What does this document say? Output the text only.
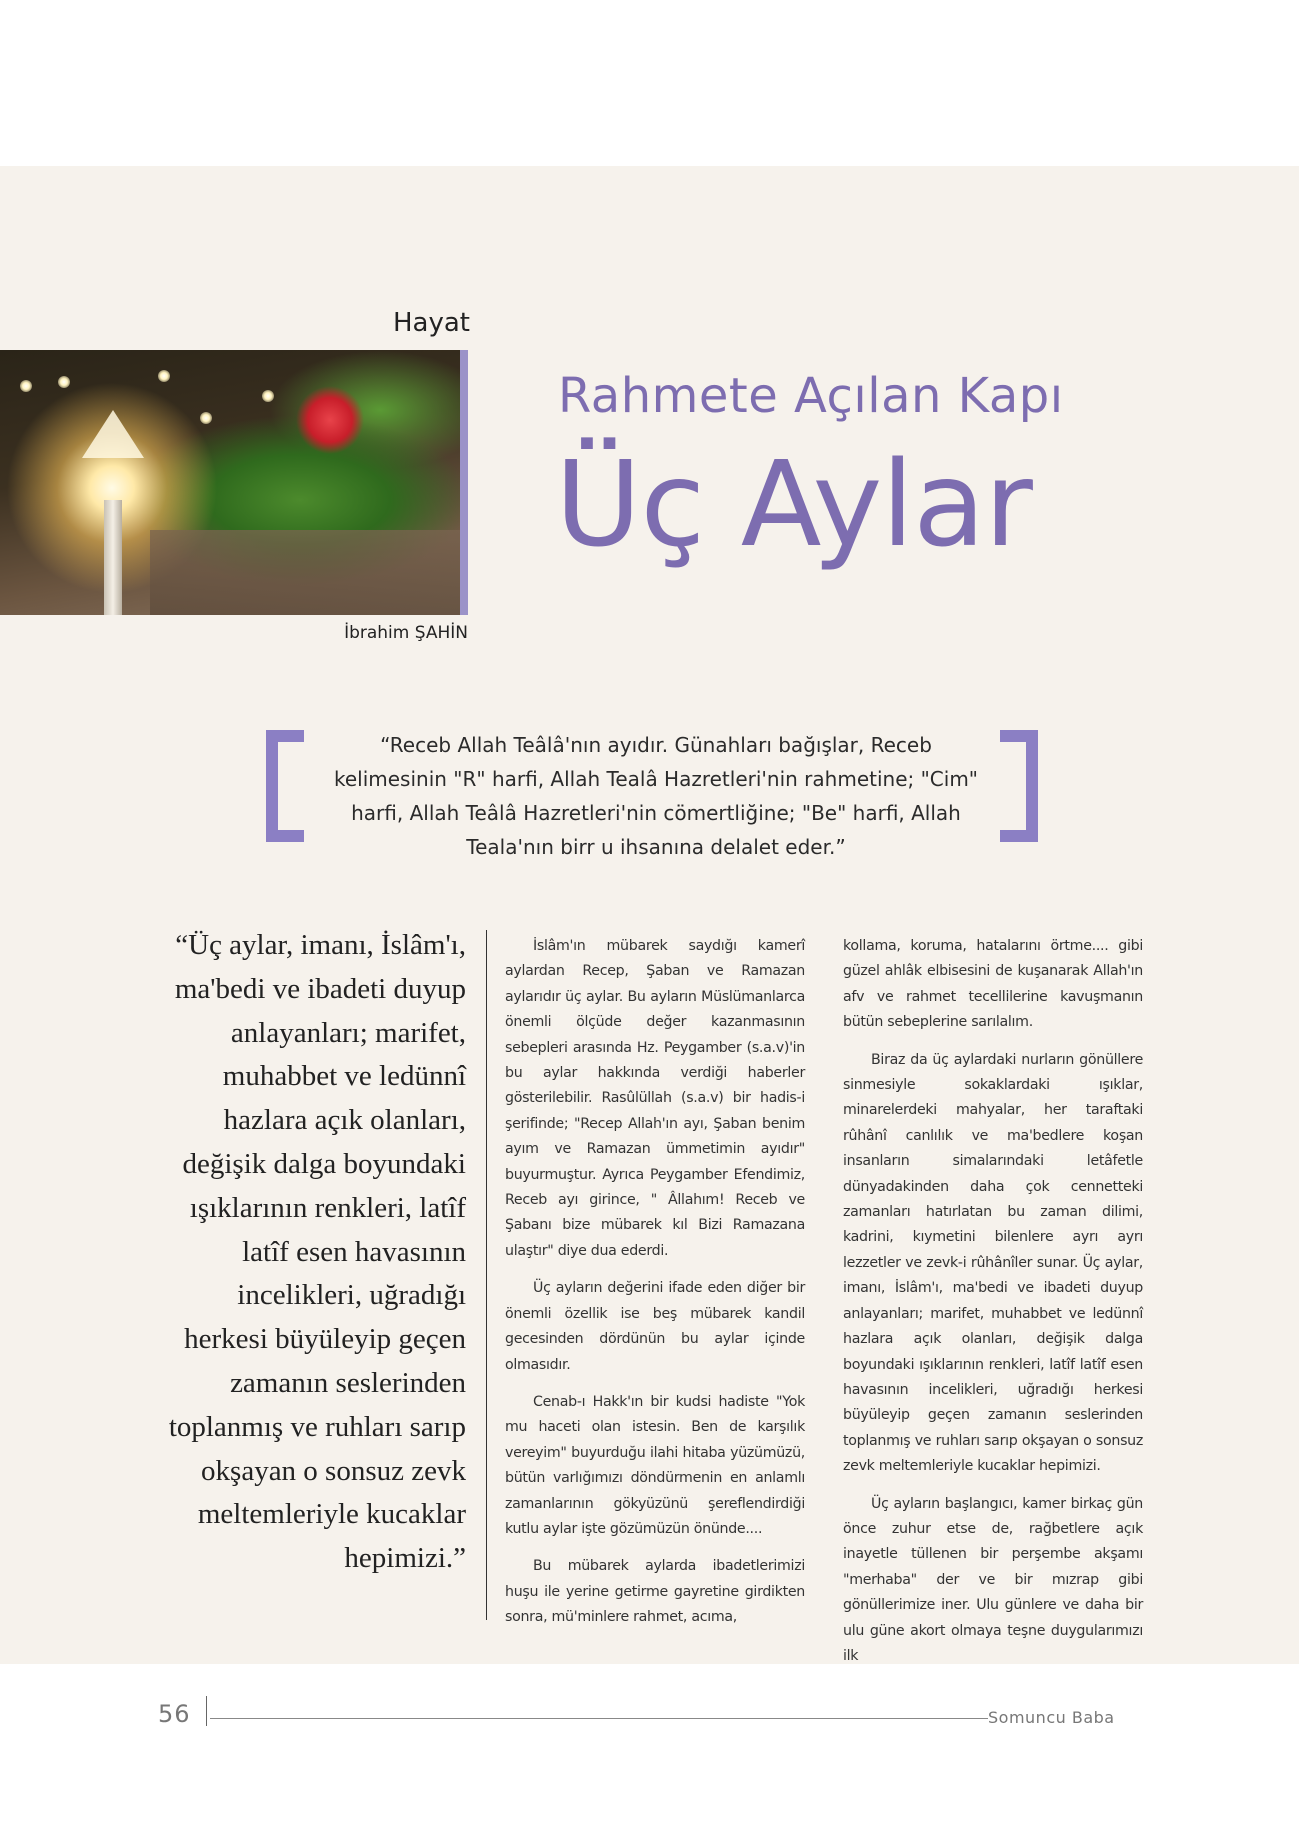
Hayat
İbrahim ŞAHİN
Rahmete Açılan Kapı
Üç Aylar
“Receb Allah Teâlâ'nın ayıdır. Günahları bağışlar, Receb kelimesinin "R" harfi, Allah Tealâ Hazretleri'nin rahmetine; "Cim" harfi, Allah Teâlâ Hazretleri'nin cömertliğine; "Be" harfi, Allah Teala'nın birr u ihsanına delalet eder.”
“Üç aylar, imanı, İslâm'ı, ma'bedi ve ibadeti duyup anlayanları; marifet, muhabbet ve ledünnî hazlara açık olanları, değişik dalga boyundaki ışıklarının renkleri, latîf latîf esen havasının incelikleri, uğradığı herkesi büyüleyip geçen zamanın seslerinden toplanmış ve ruhları sarıp okşayan o sonsuz zevk meltemleriyle kucaklar hepimizi.”

İslâm'ın mübarek saydığı kamerî aylardan Recep, Şaban ve Ramazan aylarıdır üç aylar. Bu ayların Müslümanlarca önemli ölçüde değer kazanmasının sebepleri arasında Hz. Peygamber (s.a.v)'in bu aylar hakkında verdiği haberler gösterilebilir. Rasûlüllah (s.a.v) bir hadis-i şerifinde; "Recep Allah'ın ayı, Şaban benim ayım ve Ramazan ümmetimin ayıdır" buyurmuştur. Ayrıca Peygamber Efendimiz, Receb ayı girince, " Âllahım! Receb ve Şabanı bize mübarek kıl Bizi Ramazana ulaştır" diye dua ederdi.

Üç ayların değerini ifade eden diğer bir önemli özellik ise beş mübarek kandil gecesinden dördünün bu aylar içinde olmasıdır.

Cenab-ı Hakk'ın bir kudsi hadiste "Yok mu haceti olan istesin. Ben de karşılık vereyim" buyurduğu ilahi hitaba yüzümüzü, bütün varlığımızı döndürmenin en anlamlı zamanlarının gökyüzünü şereflendirdiği kutlu aylar işte gözümüzün önünde....

Bu mübarek aylarda ibadetlerimizi huşu ile yerine getirme gayretine girdikten sonra, mü'minlere rahmet, acıma,

kollama, koruma, hatalarını örtme.... gibi güzel ahlâk elbisesini de kuşanarak Allah'ın afv ve rahmet tecellilerine kavuşmanın bütün sebeplerine sarılalım.

Biraz da üç aylardaki nurların gönüllere sinmesiyle sokaklardaki ışıklar, minarelerdeki mahyalar, her taraftaki rûhânî canlılık ve ma'bedlere koşan insanların simalarındaki letâfetle dünyadakinden daha çok cennetteki zamanları hatırlatan bu zaman dilimi, kadrini, kıymetini bilenlere ayrı ayrı lezzetler ve zevk-i rûhânîler sunar. Üç aylar, imanı, İslâm'ı, ma'bedi ve ibadeti duyup anlayanları; marifet, muhabbet ve ledünnî hazlara açık olanları, değişik dalga boyundaki ışıklarının renkleri, latîf latîf esen havasının incelikleri, uğradığı herkesi büyüleyip geçen zamanın seslerinden toplanmış ve ruhları sarıp okşayan o sonsuz zevk meltemleriyle kucaklar hepimizi.

Üç ayların başlangıcı, kamer birkaç gün önce zuhur etse de, rağbetlere açık inayetle tüllenen bir perşembe akşamı "merhaba" der ve bir mızrap gibi gönüllerimize iner. Ulu günlere ve daha bir ulu güne akort olmaya teşne duygularımızı ilk

56	Somuncu Baba
